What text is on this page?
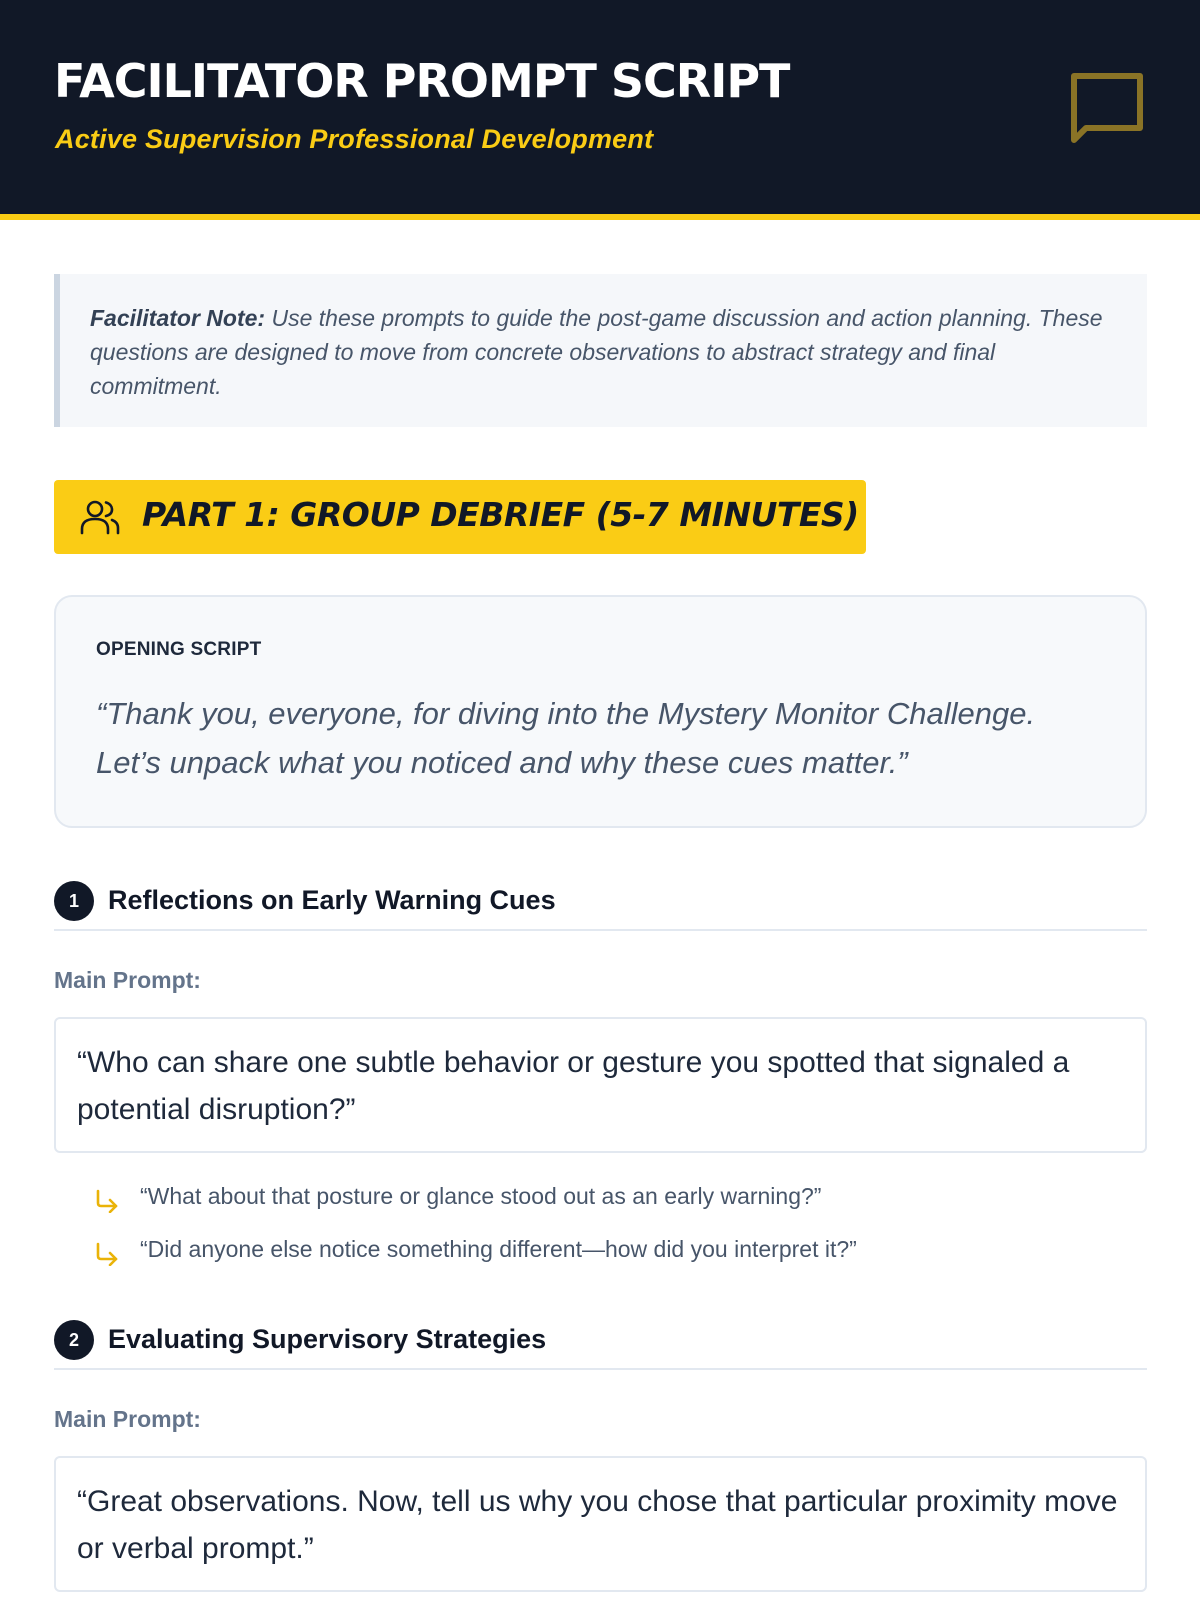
FACILITATOR PROMPT SCRIPT
Active Supervision Professional Development
Facilitator Note: Use these prompts to guide the post-game discussion and action planning. These questions are designed to move from concrete observations to abstract strategy and final commitment.
PART 1: GROUP DEBRIEF (5-7 MINUTES)
OPENING SCRIPT
“Thank you, everyone, for diving into the Mystery Monitor Challenge. Let’s unpack what you noticed and why these cues matter.”
1	Reflections on Early Warning Cues
Main Prompt:
“Who can share one subtle behavior or gesture you spotted that signaled a potential disruption?”
“What about that posture or glance stood out as an early warning?”
“Did anyone else notice something different—how did you interpret it?”
2	Evaluating Supervisory Strategies
Main Prompt:
“Great observations. Now, tell us why you chose that particular proximity move or verbal prompt.”
